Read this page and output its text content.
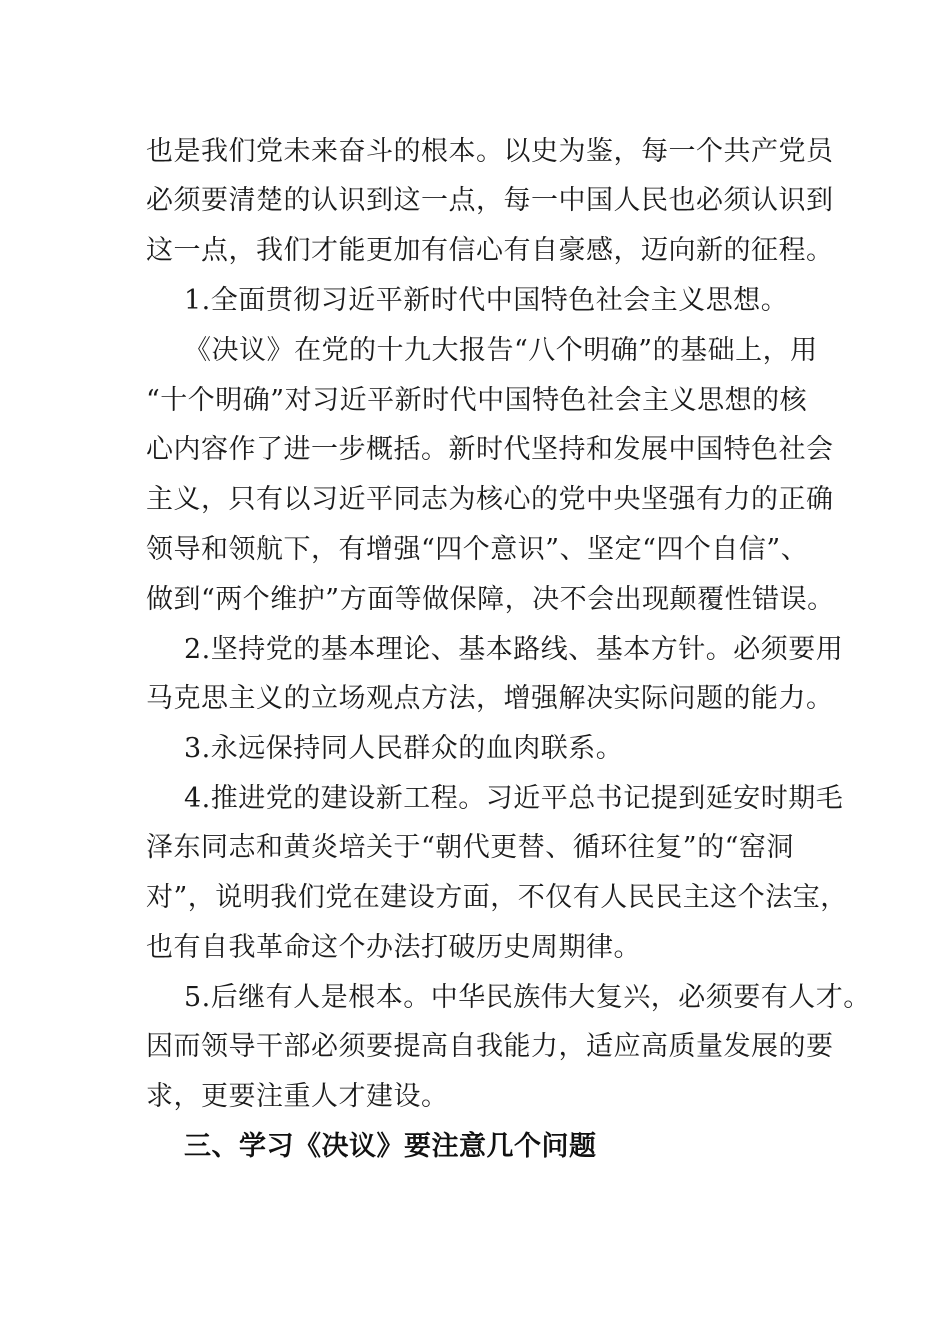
也是我们党未来奋斗的根本。以史为鉴，每一个共产党员
必须要清楚的认识到这一点，每一中国人民也必须认识到
这一点，我们才能更加有信心有自豪感，迈向新的征程。
1.全面贯彻习近平新时代中国特色社会主义思想。
《决议》在党的十九大报告“八个明确”的基础上，用
“十个明确”对习近平新时代中国特色社会主义思想的核
心内容作了进一步概括。新时代坚持和发展中国特色社会
主义，只有以习近平同志为核心的党中央坚强有力的正确
领导和领航下，有增强“四个意识”、坚定“四个自信”、
做到“两个维护”方面等做保障，决不会出现颠覆性错误。
2.坚持党的基本理论、基本路线、基本方针。必须要用
马克思主义的立场观点方法，增强解决实际问题的能力。
3.永远保持同人民群众的血肉联系。
4.推进党的建设新工程。习近平总书记提到延安时期毛
泽东同志和黄炎培关于“朝代更替、循环往复”的“窑洞
对”，说明我们党在建设方面，不仅有人民民主这个法宝，
也有自我革命这个办法打破历史周期律。
5.后继有人是根本。中华民族伟大复兴，必须要有人才。
因而领导干部必须要提高自我能力，适应高质量发展的要
求，更要注重人才建设。
三、学习《决议》要注意几个问题
